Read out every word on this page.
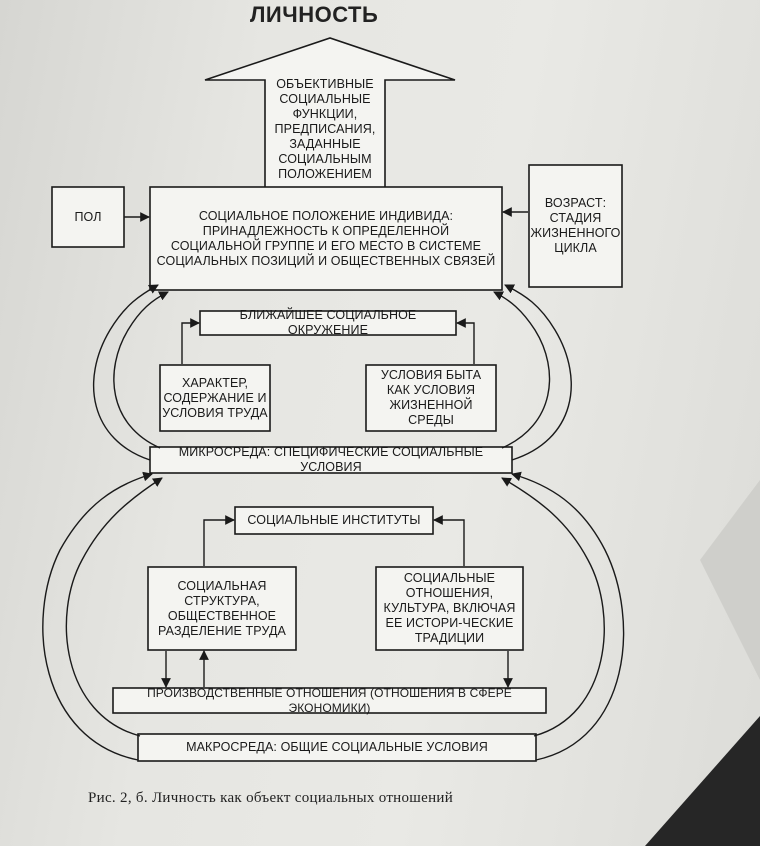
ЛИЧНОСТЬ
ОБЪЕКТИВНЫЕ СОЦИАЛЬНЫЕ ФУНКЦИИ, ПРЕДПИСАНИЯ, ЗАДАННЫЕ СОЦИАЛЬНЫМ ПОЛОЖЕНИЕМ
СОЦИАЛЬНОЕ ПОЛОЖЕНИЕ ИНДИВИДА: ПРИНАДЛЕЖНОСТЬ К ОПРЕДЕЛЕННОЙ СОЦИАЛЬНОЙ ГРУППЕ И ЕГО МЕСТО В СИСТЕМЕ СОЦИАЛЬНЫХ ПОЗИЦИЙ И ОБЩЕСТВЕННЫХ СВЯЗЕЙ
ПОЛ
ВОЗРАСТ: СТАДИЯ ЖИЗНЕННОГО ЦИКЛА
БЛИЖАЙШЕЕ СОЦИАЛЬНОЕ ОКРУЖЕНИЕ
ХАРАКТЕР, СОДЕРЖАНИЕ И УСЛОВИЯ ТРУДА
УСЛОВИЯ БЫТА КАК УСЛОВИЯ ЖИЗНЕННОЙ СРЕДЫ
МИКРОСРЕДА: СПЕЦИФИЧЕСКИЕ СОЦИАЛЬНЫЕ УСЛОВИЯ
СОЦИАЛЬНЫЕ ИНСТИТУТЫ
СОЦИАЛЬНАЯ СТРУКТУРА, ОБЩЕСТВЕННОЕ РАЗДЕЛЕНИЕ ТРУДА
СОЦИАЛЬНЫЕ ОТНОШЕНИЯ, КУЛЬТУРА, ВКЛЮЧАЯ ЕЕ ИСТОРИ-ЧЕСКИЕ ТРАДИЦИИ
ПРОИЗВОДСТВЕННЫЕ ОТНОШЕНИЯ (ОТНОШЕНИЯ В СФЕРЕ ЭКОНОМИКИ)
МАКРОСРЕДА: ОБЩИЕ СОЦИАЛЬНЫЕ УСЛОВИЯ
Рис. 2, б. Личность как объект социальных отношений
